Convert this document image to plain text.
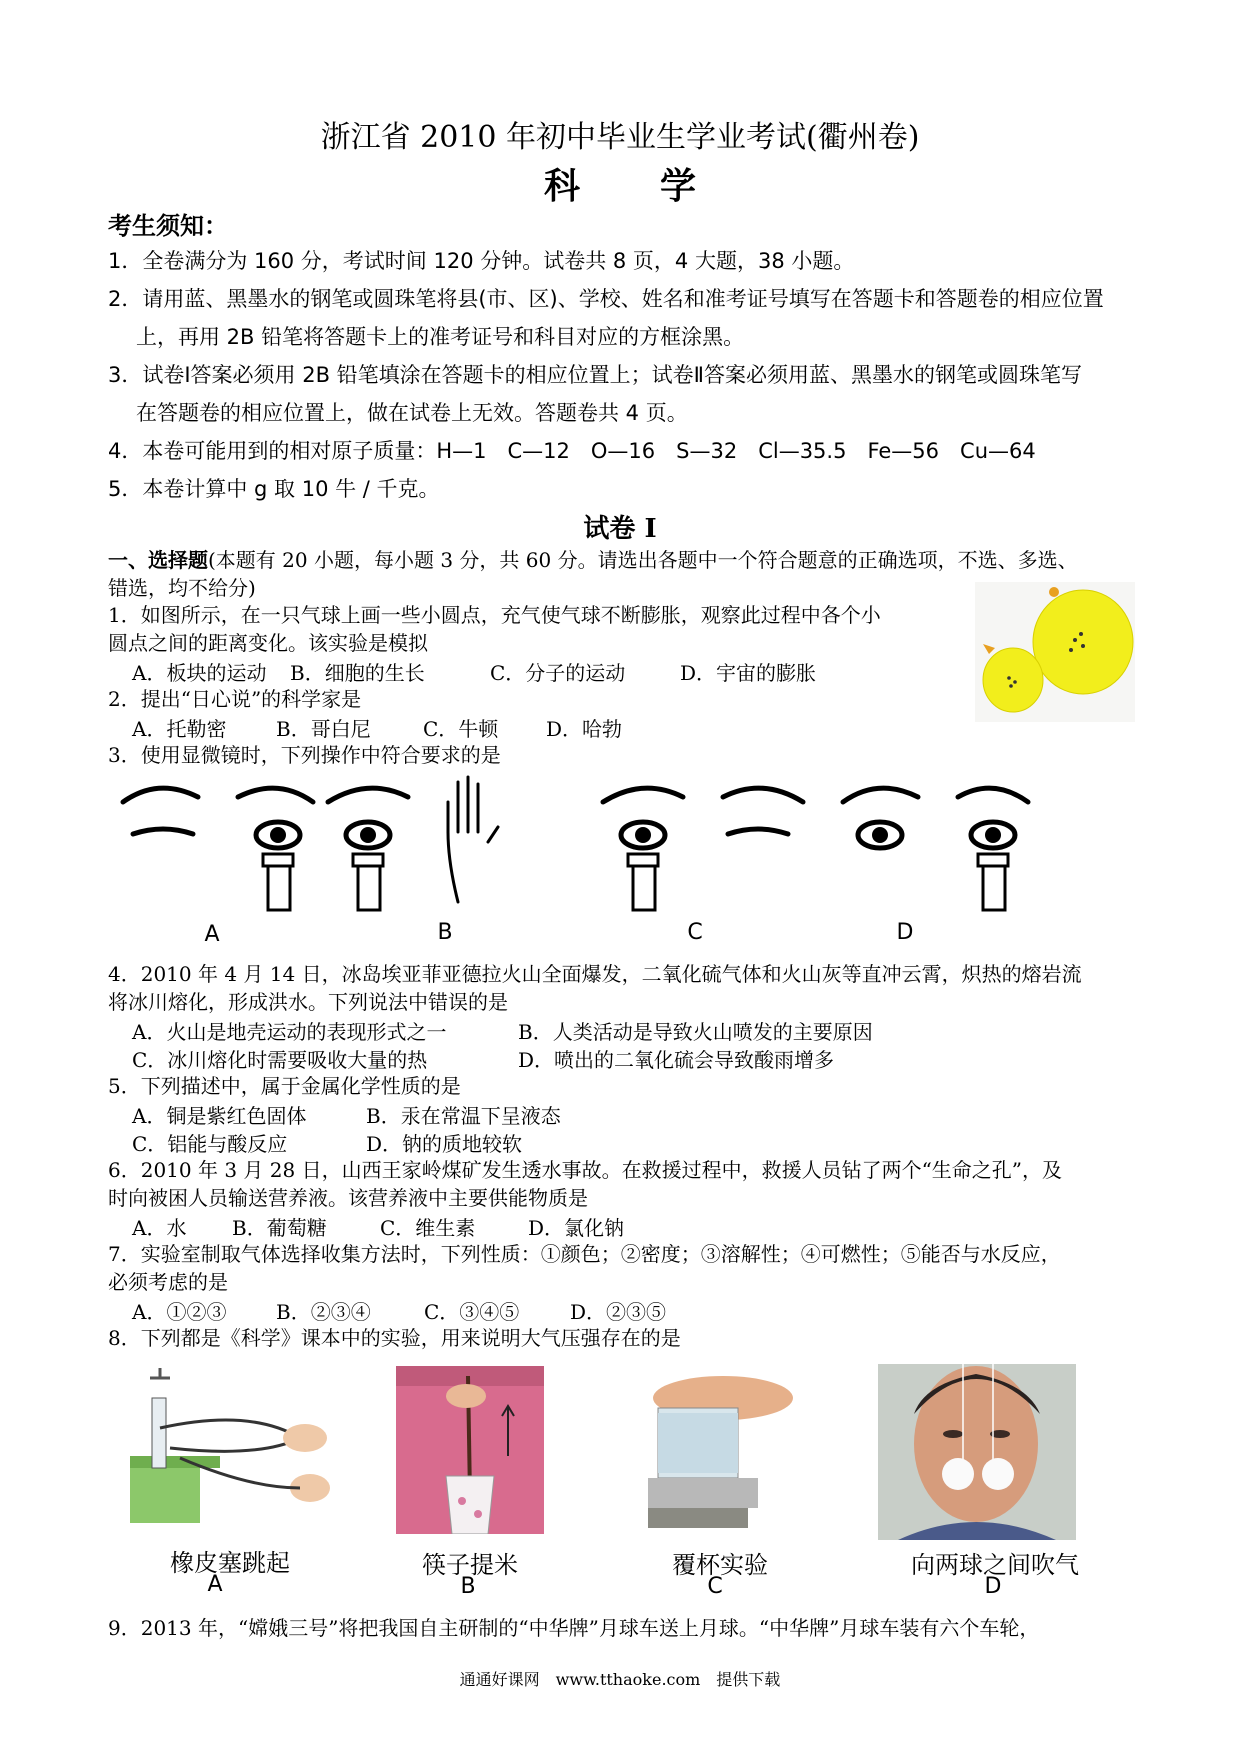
浙江省 2010 年初中毕业生学业考试(衢州卷)
科学
考生须知：
1．全卷满分为 160 分，考试时间 120 分钟。试卷共 8 页，4 大题，38 小题。
2．请用蓝、黑墨水的钢笔或圆珠笔将县(市、区)、学校、姓名和准考证号填写在答题卡和答题卷的相应位置
上，再用 2B 铅笔将答题卡上的准考证号和科目对应的方框涂黑。
3．试卷Ⅰ答案必须用 2B 铅笔填涂在答题卡的相应位置上；试卷Ⅱ答案必须用蓝、黑墨水的钢笔或圆珠笔写
在答题卷的相应位置上，做在试卷上无效。答题卷共 4 页。
4．本卷可能用到的相对原子质量：H—1　C—12　O—16　S—32　Cl—35.5　Fe—56　Cu—64
5．本卷计算中 g 取 10 牛 / 千克。
试卷 I
一、选择题(本题有 20 小题，每小题 3 分，共 60 分。请选出各题中一个符合题意的正确选项，不选、多选、
错选，均不给分)
1．如图所示，在一只气球上画一些小圆点，充气使气球不断膨胀，观察此过程中各个小
圆点之间的距离变化。该实验是模拟
A．板块的运动 B．细胞的生长	C．分子的运动	D．宇宙的膨胀
2．提出“日心说”的科学家是
A．托勒密 B．哥白尼	C．牛顿 D．哈勃
3．使用显微镜时，下列操作中符合要求的是
A	B	C	D
4．2010 年 4 月 14 日，冰岛埃亚菲亚德拉火山全面爆发，二氧化硫气体和火山灰等直冲云霄，炽热的熔岩流
将冰川熔化，形成洪水。下列说法中错误的是
A．火山是地壳运动的表现形式之一	B．人类活动是导致火山喷发的主要原因
C．冰川熔化时需要吸收大量的热	D．喷出的二氧化硫会导致酸雨增多
5．下列描述中，属于金属化学性质的是
A．铜是紫红色固体	B．汞在常温下呈液态
C．铝能与酸反应	D．钠的质地较软
6．2010 年 3 月 28 日，山西王家岭煤矿发生透水事故。在救援过程中，救援人员钻了两个“生命之孔”，及
时向被困人员输送营养液。该营养液中主要供能物质是
A．水 B．葡萄糖	C．维生素	D．氯化钠
7．实验室制取气体选择收集方法时，下列性质：①颜色；②密度；③溶解性；④可燃性；⑤能否与水反应，
必须考虑的是
A．①②③ B．②③④	C．③④⑤	D．②③⑤
8．下列都是《科学》课本中的实验，用来说明大气压强存在的是
橡皮塞跳起	筷子提米	覆杯实验	向两球之间吹气
A	B	C	D
9．2013 年，“嫦娥三号”将把我国自主研制的“中华牌”月球车送上月球。“中华牌”月球车装有六个车轮，
通通好课网　www.tthaoke.com　提供下载
